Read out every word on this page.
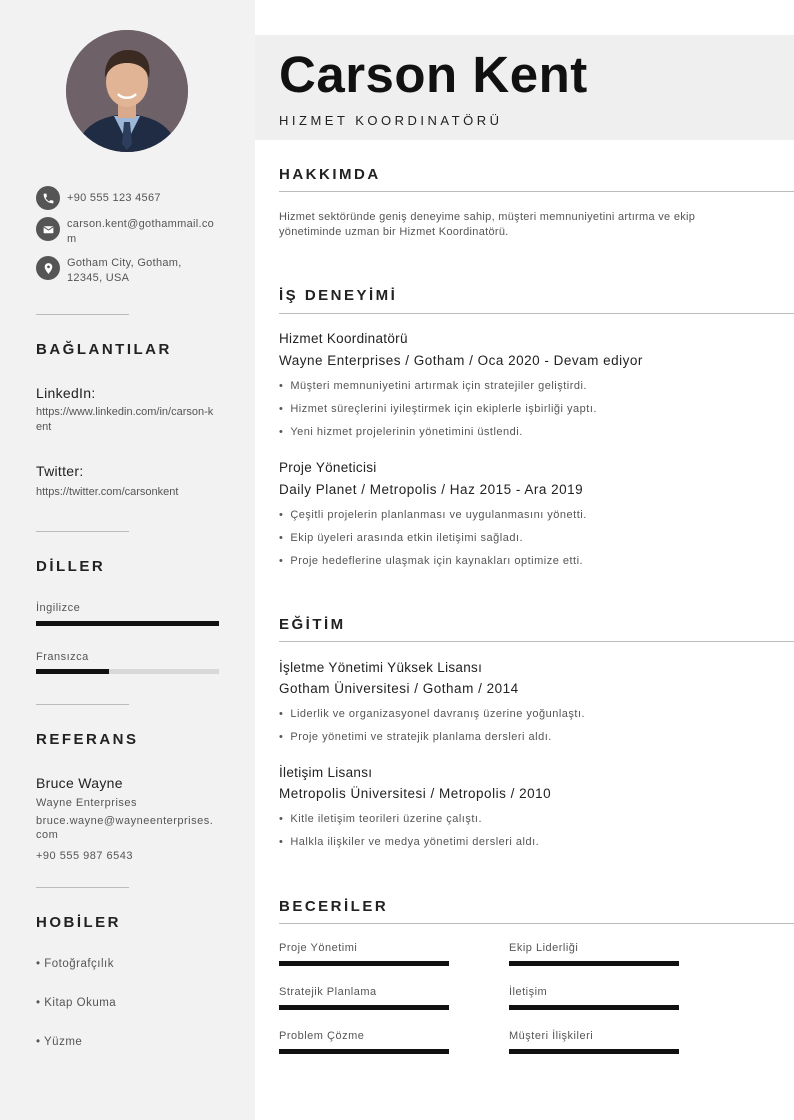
+90 555 123 4567
carson.kent@gothammail.com
Gotham City, Gotham, 12345, USA
BAĞLANTILAR
LinkedIn:
https://www.linkedin.com/in/carson-kent
Twitter:
https://twitter.com/carsonkent
DİLLER
İngilizce
Fransızca
REFERANS
Bruce Wayne
Wayne Enterprises
bruce.wayne@wayneenterprises.com
+90 555 987 6543
HOBİLER
• Fotoğrafçılık
• Kitap Okuma
• Yüzme
Carson Kent
HIZMET KOORDINATÖRÜ
HAKKIMDA
Hizmet sektöründe geniş deneyime sahip, müşteri memnuniyetini artırma ve ekip yönetiminde uzman bir Hizmet Koordinatörü.
İŞ DENEYİMİ
Hizmet Koordinatörü
Wayne Enterprises / Gotham / Oca 2020 - Devam ediyor
• Müşteri memnuniyetini artırmak için stratejiler geliştirdi.
• Hizmet süreçlerini iyileştirmek için ekiplerle işbirliği yaptı.
• Yeni hizmet projelerinin yönetimini üstlendi.
Proje Yöneticisi
Daily Planet / Metropolis / Haz 2015 - Ara 2019
• Çeşitli projelerin planlanması ve uygulanmasını yönetti.
• Ekip üyeleri arasında etkin iletişimi sağladı.
• Proje hedeflerine ulaşmak için kaynakları optimize etti.
EĞİTİM
İşletme Yönetimi Yüksek Lisansı
Gotham Üniversitesi / Gotham / 2014
• Liderlik ve organizasyonel davranış üzerine yoğunlaştı.
• Proje yönetimi ve stratejik planlama dersleri aldı.
İletişim Lisansı
Metropolis Üniversitesi / Metropolis / 2010
• Kitle iletişim teorileri üzerine çalıştı.
• Halkla ilişkiler ve medya yönetimi dersleri aldı.
BECERİLER
Proje Yönetimi	Ekip Liderliği
Stratejik Planlama	İletişim
Problem Çözme	Müşteri İlişkileri
